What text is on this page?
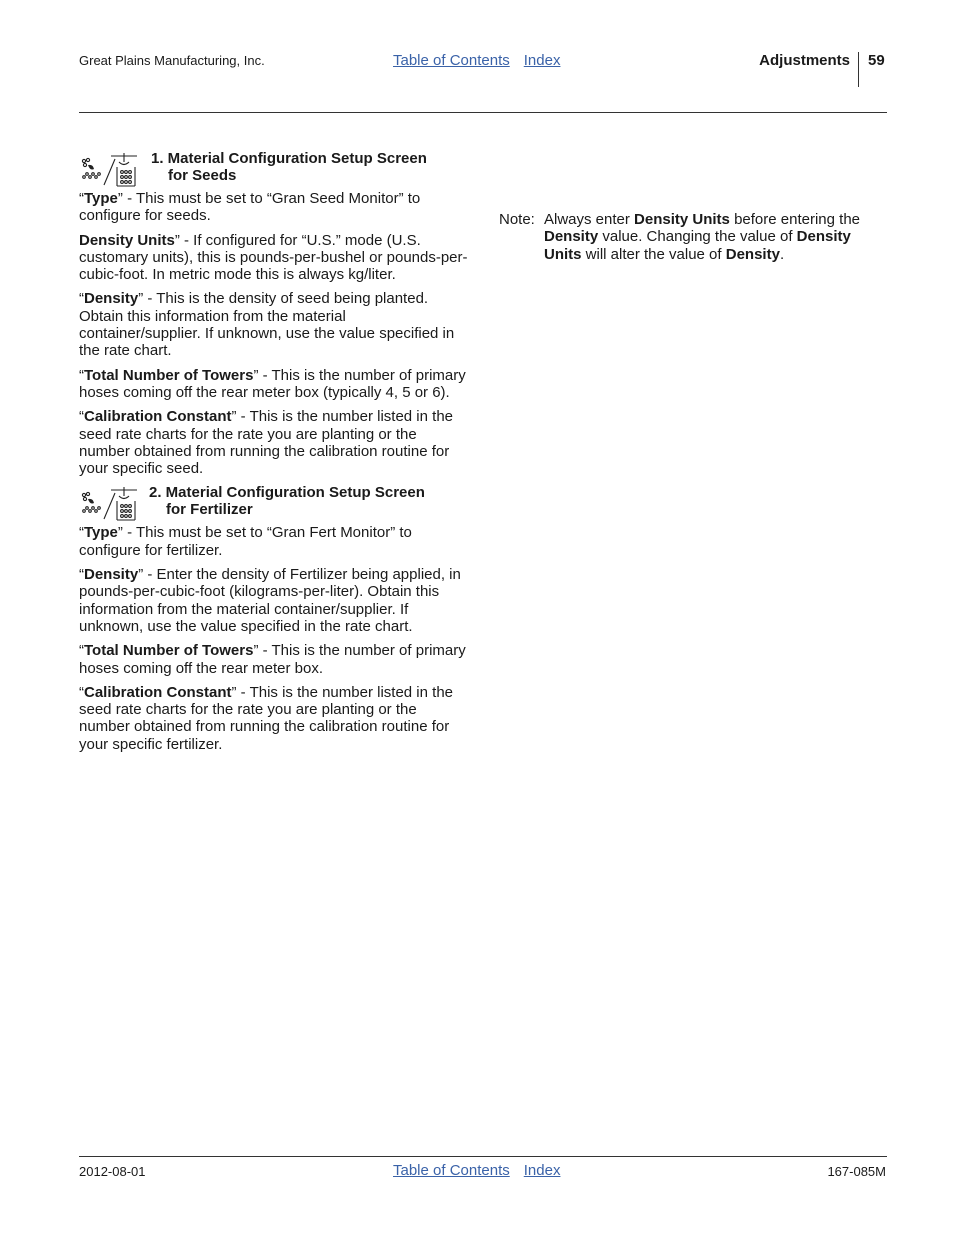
Great Plains Manufacturing, Inc.	Table of Contents Index	Adjustments 59
1. Material Configuration Setup Screen
for Seeds

“Type” - This must be set to “Gran Seed Monitor” to configure for seeds.

Density Units” - If configured for “U.S.” mode (U.S. customary units), this is pounds-per-bushel or pounds-per-cubic-foot. In metric mode this is always kg/liter.

“Density” - This is the density of seed being planted. Obtain this information from the material container/supplier. If unknown, use the value specified in the rate chart.

“Total Number of Towers” - This is the number of primary hoses coming off the rear meter box (typically 4, 5 or 6).

“Calibration Constant” - This is the number listed in the seed rate charts for the rate you are planting or the number obtained from running the calibration routine for your specific seed.

2. Material Configuration Setup Screen
for Fertilizer

“Type” - This must be set to “Gran Fert Monitor” to configure for fertilizer.

“Density” - Enter the density of Fertilizer being applied, in pounds-per-cubic-foot (kilograms-per-liter). Obtain this information from the material container/supplier. If unknown, use the value specified in the rate chart.

“Total Number of Towers” - This is the number of primary hoses coming off the rear meter box.

“Calibration Constant” - This is the number listed in the seed rate charts for the rate you are planting or the number obtained from running the calibration routine for your specific fertilizer.

Note: Always enter Density Units before entering the Density value. Changing the value of Density Units will alter the value of Density.
2012-08-01	Table of Contents Index	167-085M
